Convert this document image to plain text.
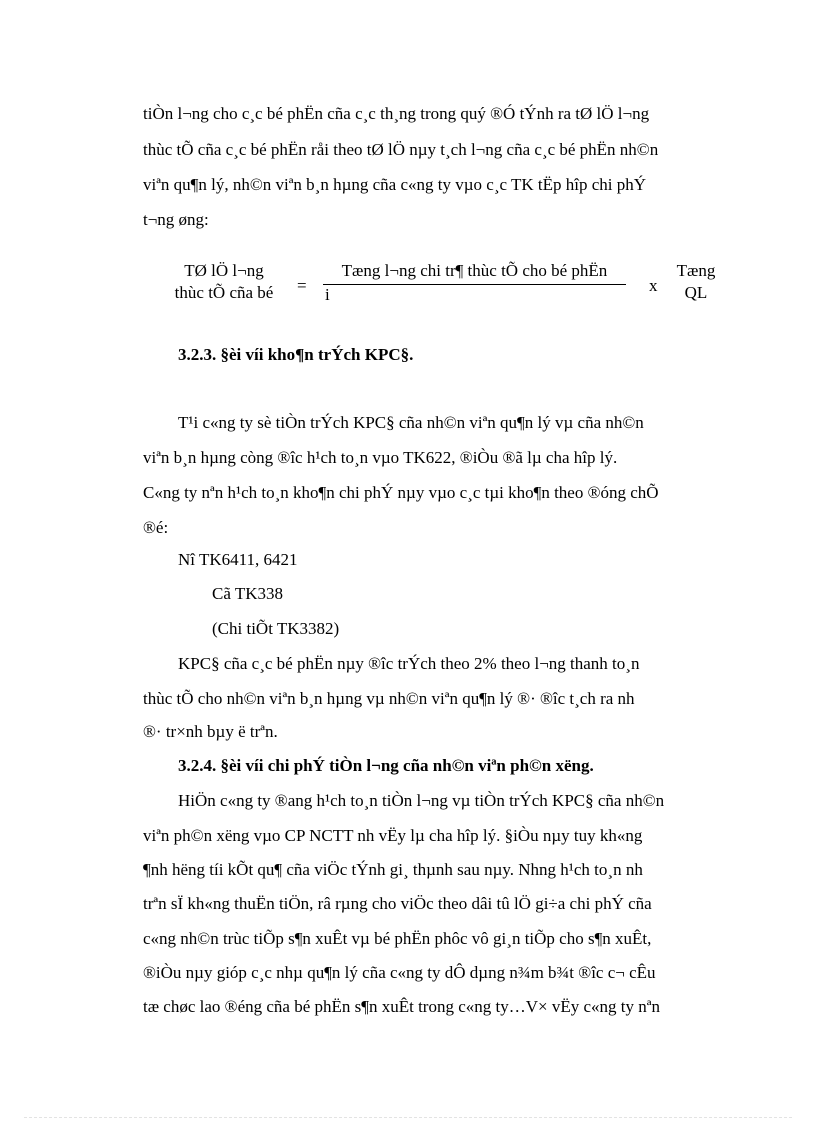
tiÒn l¬ng cho c¸c bé phËn cña c¸c th¸ng trong quý ®Ó tÝnh ra tØ lÖ l¬ng
thùc tÕ cña c¸c bé phËn råi theo tØ lÖ nµy t¸ch l¬ng cña c¸c bé phËn nh©n
viªn qu¶n lý, nh©n viªn b¸n hµng cña c«ng ty vµo c¸c TK tËp hîp chi phÝ
t¬ng øng:
TØ lÖ l¬ng
thùc tÕ cña bé	=
Tæng l¬ng chi tr¶ thùc tÕ cho bé phËn
i	x
Tæng
QL
3.2.3. §èi víi kho¶n trÝch KPC§.
T¹i c«ng ty sè tiÒn trÝch KPC§ cña nh©n viªn qu¶n lý vµ cña nh©n
viªn b¸n hµng còng ®îc h¹ch to¸n vµo TK622, ®iÒu ®ã lµ cha hîp lý.
C«ng ty nªn h¹ch to¸n kho¶n chi phÝ nµy vµo c¸c tµi kho¶n theo ®óng chÕ
®é:
Nî TK6411, 6421
Cã TK338
(Chi tiÕt TK3382)
KPC§ cña c¸c bé phËn nµy ®îc trÝch theo 2% theo l¬ng thanh to¸n
thùc tÕ cho nh©n viªn b¸n hµng vµ nh©n viªn qu¶n lý ®· ®îc t¸ch ra nh
®· tr×nh bµy ë trªn.
3.2.4. §èi víi chi phÝ tiÒn l¬ng cña nh©n viªn ph©n xëng.
HiÖn c«ng ty ®ang h¹ch to¸n tiÒn l¬ng vµ tiÒn trÝch KPC§ cña nh©n
viªn ph©n xëng vµo CP NCTT nh vËy lµ cha hîp lý. §iÒu nµy tuy kh«ng
¶nh hëng tíi kÕt qu¶ cña viÖc tÝnh gi¸ thµnh sau nµy. Nhng h¹ch to¸n nh
trªn sÏ kh«ng thuËn tiÖn, râ rµng cho viÖc theo dâi tû lÖ gi÷a chi phÝ cña
c«ng nh©n trùc tiÕp s¶n xuÊt vµ bé phËn phôc vô gi¸n tiÕp cho s¶n xuÊt,
®iÒu nµy gióp c¸c nhµ qu¶n lý cña c«ng ty dÔ dµng n¾m b¾t ®îc c¬ cÊu
tæ chøc lao ®éng cña bé phËn s¶n xuÊt trong c«ng ty…V× vËy c«ng ty nªn
